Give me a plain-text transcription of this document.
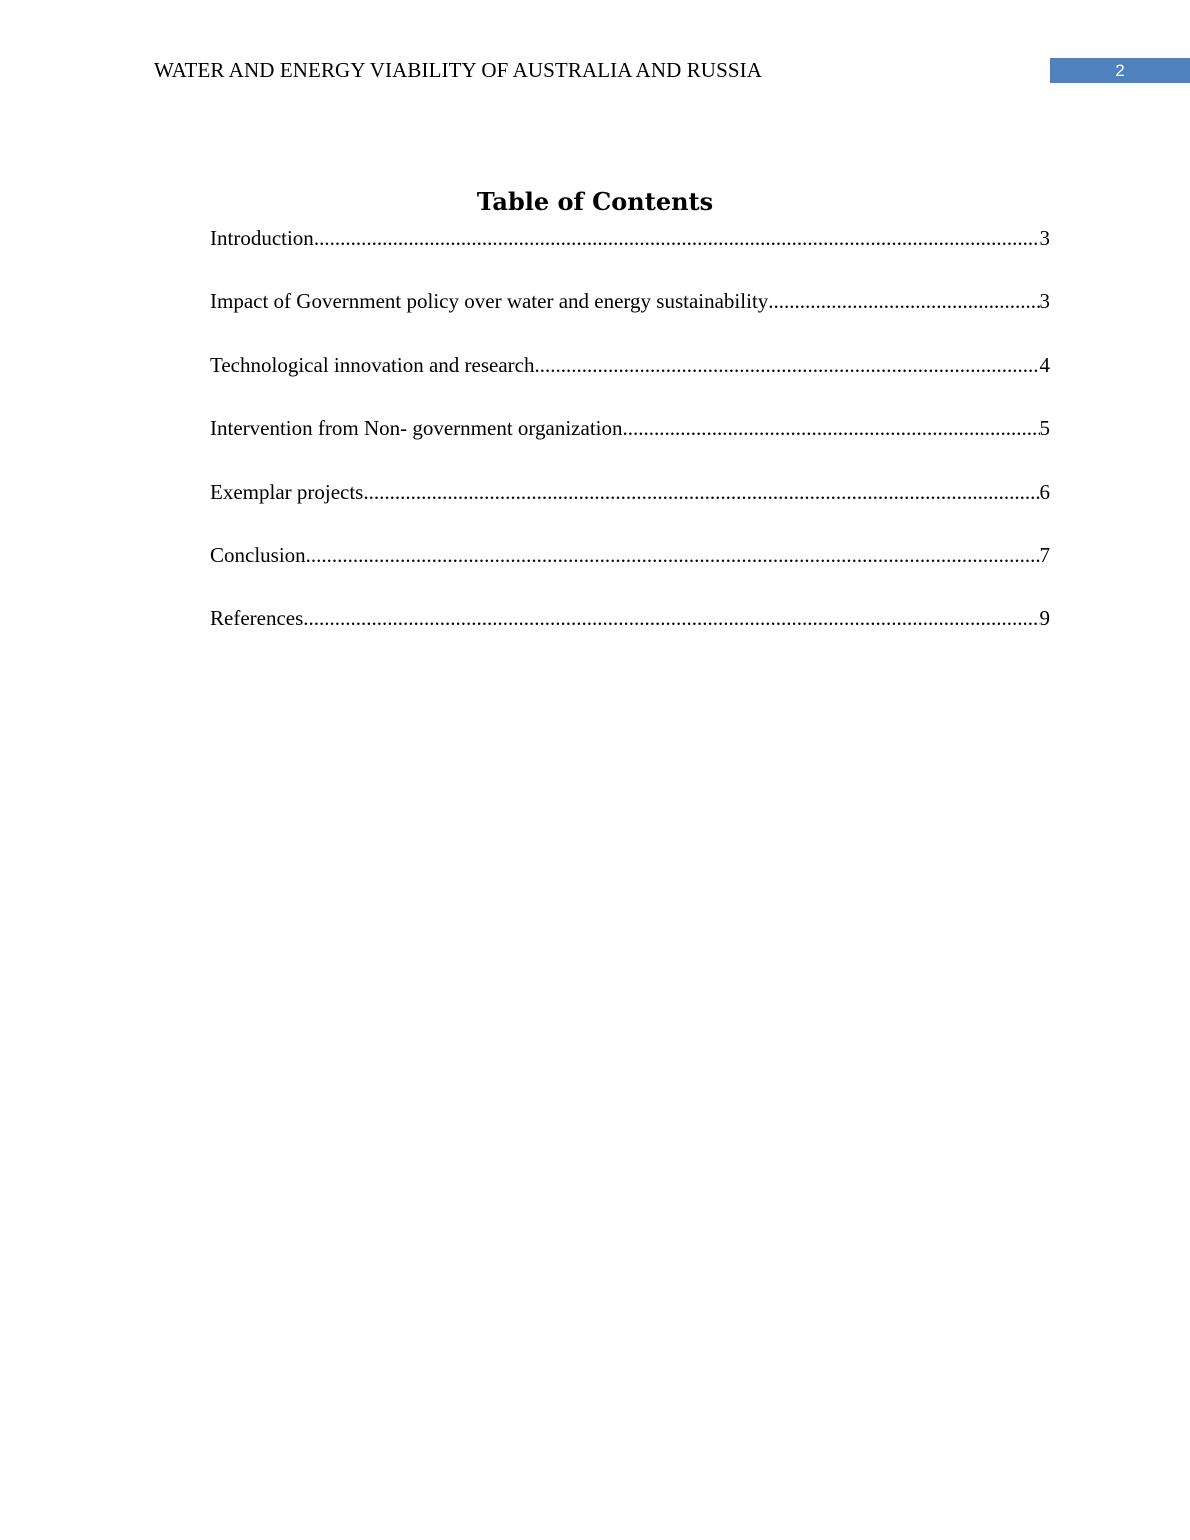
WATER AND ENERGY VIABILITY OF AUSTRALIA AND RUSSIA	2
Table of Contents
Introduction .....	3
Impact of Government policy over water and energy sustainability .....	3
Technological innovation and research .....	4
Intervention from Non- government organization .....	5
Exemplar projects .....	6
Conclusion .....	7
References .....	9
